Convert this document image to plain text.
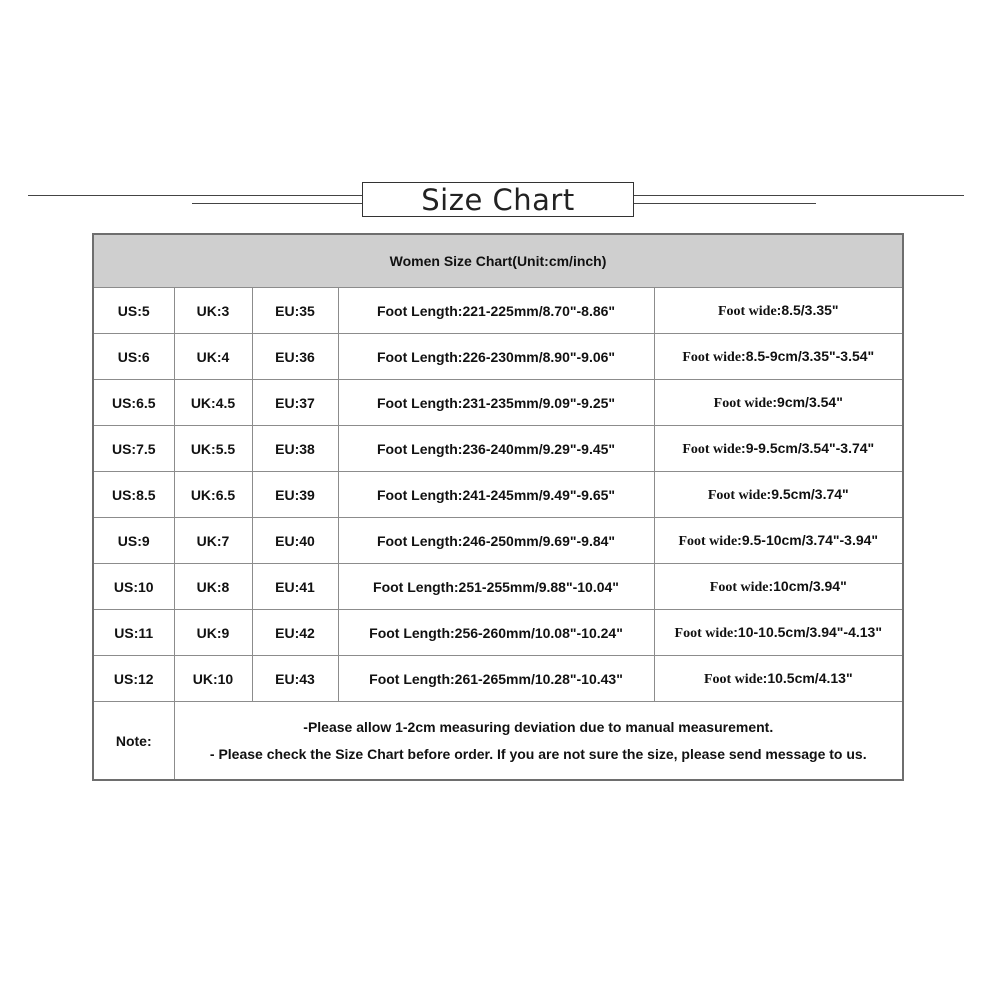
Size Chart
Women Size Chart(Unit:cm/inch)				
US:5	UK:3	EU:35	Foot Length:221-225mm/8.70"-8.86"	Foot wide:8.5/3.35"
US:6	UK:4	EU:36	Foot Length:226-230mm/8.90"-9.06"	Foot wide:8.5-9cm/3.35"-3.54"
US:6.5	UK:4.5	EU:37	Foot Length:231-235mm/9.09"-9.25"	Foot wide:9cm/3.54"
US:7.5	UK:5.5	EU:38	Foot Length:236-240mm/9.29"-9.45"	Foot wide:9-9.5cm/3.54"-3.74"
US:8.5	UK:6.5	EU:39	Foot Length:241-245mm/9.49"-9.65"	Foot wide:9.5cm/3.74"
US:9	UK:7	EU:40	Foot Length:246-250mm/9.69"-9.84"	Foot wide:9.5-10cm/3.74"-3.94"
US:10	UK:8	EU:41	Foot Length:251-255mm/9.88"-10.04"	Foot wide:10cm/3.94"
US:11	UK:9	EU:42	Foot Length:256-260mm/10.08"-10.24"	Foot wide:10-10.5cm/3.94"-4.13"
US:12	UK:10	EU:43	Foot Length:261-265mm/10.28"-10.43"	Foot wide:10.5cm/4.13"
Note:	-Please allow 1-2cm measuring deviation due to manual measurement.
- Please check the Size Chart before order. If you are not sure the size, please send message to us.			
